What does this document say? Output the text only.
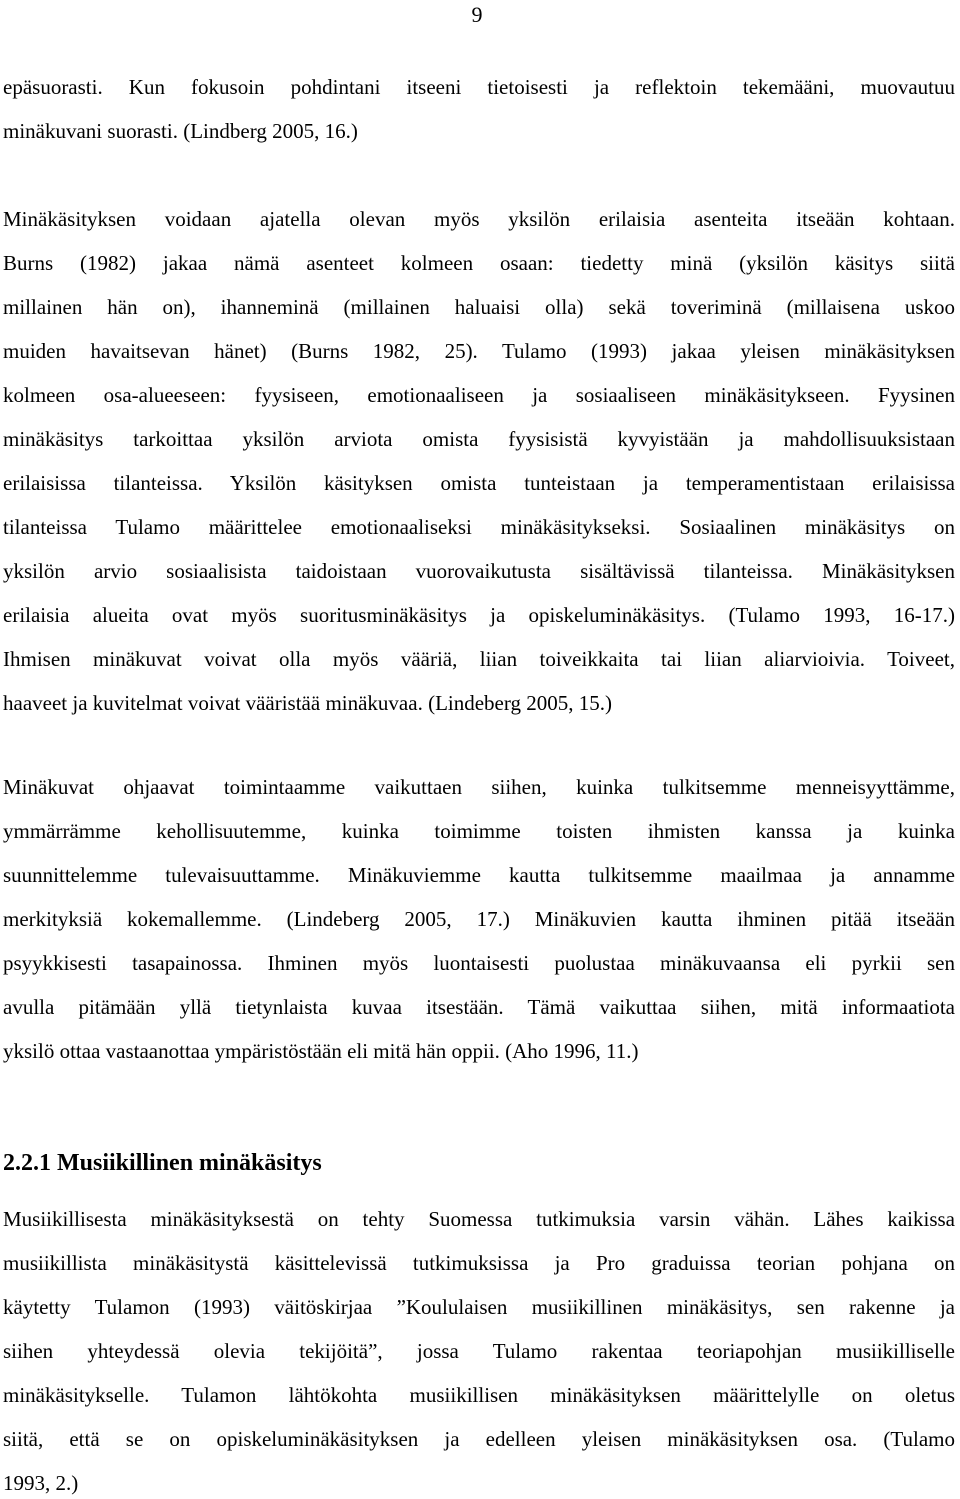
9
epäsuorasti. Kun fokusoin pohdintani itseeni tietoisesti ja reflektoin tekemääni, muovautuu
minäkuvani suorasti. (Lindberg 2005, 16.)
Minäkäsityksen voidaan ajatella olevan myös yksilön erilaisia asenteita itseään kohtaan.
Burns (1982) jakaa nämä asenteet kolmeen osaan: tiedetty minä (yksilön käsitys siitä
millainen hän on), ihanneminä (millainen haluaisi olla) sekä toveriminä (millaisena uskoo
muiden havaitsevan hänet) (Burns 1982, 25). Tulamo (1993) jakaa yleisen minäkäsityksen
kolmeen osa-alueeseen: fyysiseen, emotionaaliseen ja sosiaaliseen minäkäsitykseen. Fyysinen
minäkäsitys tarkoittaa yksilön arviota omista fyysisistä kyvyistään ja mahdollisuuksistaan
erilaisissa tilanteissa. Yksilön käsityksen omista tunteistaan ja temperamentistaan erilaisissa
tilanteissa Tulamo määrittelee emotionaaliseksi minäkäsitykseksi. Sosiaalinen minäkäsitys on
yksilön arvio sosiaalisista taidoistaan vuorovaikutusta sisältävissä tilanteissa. Minäkäsityksen
erilaisia alueita ovat myös suoritusminäkäsitys ja opiskeluminäkäsitys. (Tulamo 1993, 16-17.)
Ihmisen minäkuvat voivat olla myös vääriä, liian toiveikkaita tai liian aliarvioivia. Toiveet,
haaveet ja kuvitelmat voivat vääristää minäkuvaa. (Lindeberg 2005, 15.)
Minäkuvat ohjaavat toimintaamme vaikuttaen siihen, kuinka tulkitsemme menneisyyttämme,
ymmärrämme kehollisuutemme, kuinka toimimme toisten ihmisten kanssa ja kuinka
suunnittelemme tulevaisuuttamme. Minäkuviemme kautta tulkitsemme maailmaa ja annamme
merkityksiä kokemallemme. (Lindeberg 2005, 17.) Minäkuvien kautta ihminen pitää itseään
psyykkisesti tasapainossa. Ihminen myös luontaisesti puolustaa minäkuvaansa eli pyrkii sen
avulla pitämään yllä tietynlaista kuvaa itsestään. Tämä vaikuttaa siihen, mitä informaatiota
yksilö ottaa vastaanottaa ympäristöstään eli mitä hän oppii. (Aho 1996, 11.)
2.2.1 Musiikillinen minäkäsitys
Musiikillisesta minäkäsityksestä on tehty Suomessa tutkimuksia varsin vähän. Lähes kaikissa
musiikillista minäkäsitystä käsittelevissä tutkimuksissa ja Pro graduissa teorian pohjana on
käytetty Tulamon (1993) väitöskirjaa ”Koululaisen musiikillinen minäkäsitys, sen rakenne ja
siihen yhteydessä olevia tekijöitä”, jossa Tulamo rakentaa teoriapohjan musiikilliselle
minäkäsitykselle. Tulamon lähtökohta musiikillisen minäkäsityksen määrittelylle on oletus
siitä, että se on opiskeluminäkäsityksen ja edelleen yleisen minäkäsityksen osa. (Tulamo
1993, 2.)
